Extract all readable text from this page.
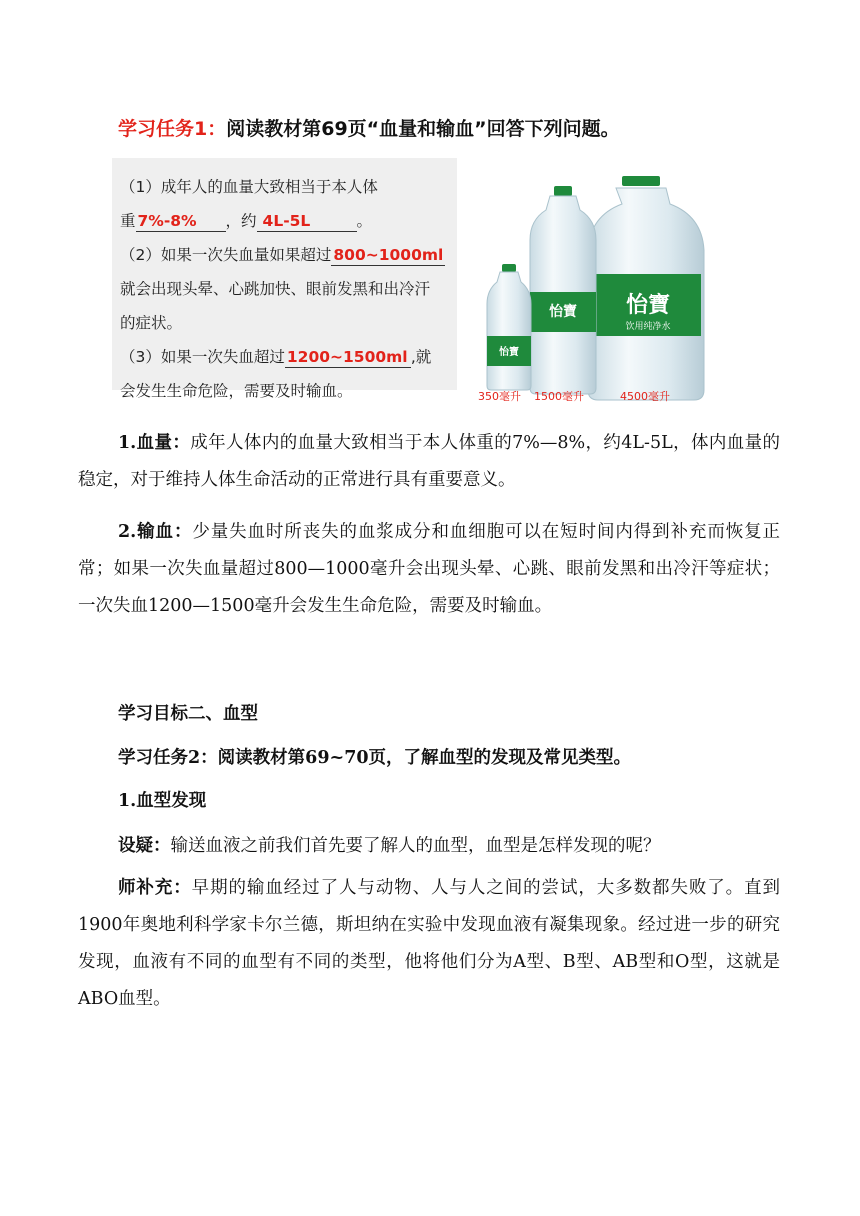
学习任务1：阅读教材第69页“血量和输血”回答下列问题。
（1）成年人的血量大致相当于本人体
重 7%-8% ，约 4L-5L	。
（2）如果一次失血量如果超过 800~1000ml
就会出现头晕、心跳加快、眼前发黑和出冷汗
的症状。
（3）如果一次失血超过 1200~1500ml ,就
会发生生命危险，需要及时输血。
怡寶
饮用纯净水
怡寶
怡寶
350毫升 1500毫升	4500毫升

1.血量：成年人体内的血量大致相当于本人体重的7%—8%，约4L-5L，体内血量的稳定，对于维持人体生命活动的正常进行具有重要意义。

2.输血：少量失血时所丧失的血浆成分和血细胞可以在短时间内得到补充而恢复正常；如果一次失血量超过800—1000毫升会出现头晕、心跳、眼前发黑和出冷汗等症状；一次失血1200—1500毫升会发生生命危险，需要及时输血。

学习目标二、血型
学习任务2：阅读教材第69~70页，了解血型的发现及常见类型。
1.血型发现
设疑：输送血液之前我们首先要了解人的血型，血型是怎样发现的呢？

师补充：早期的输血经过了人与动物、人与人之间的尝试，大多数都失败了。直到1900年奥地利科学家卡尔兰德，斯坦纳在实验中发现血液有凝集现象。经过进一步的研究发现，血液有不同的血型有不同的类型，他将他们分为A型、B型、AB型和O型，这就是ABO血型。
